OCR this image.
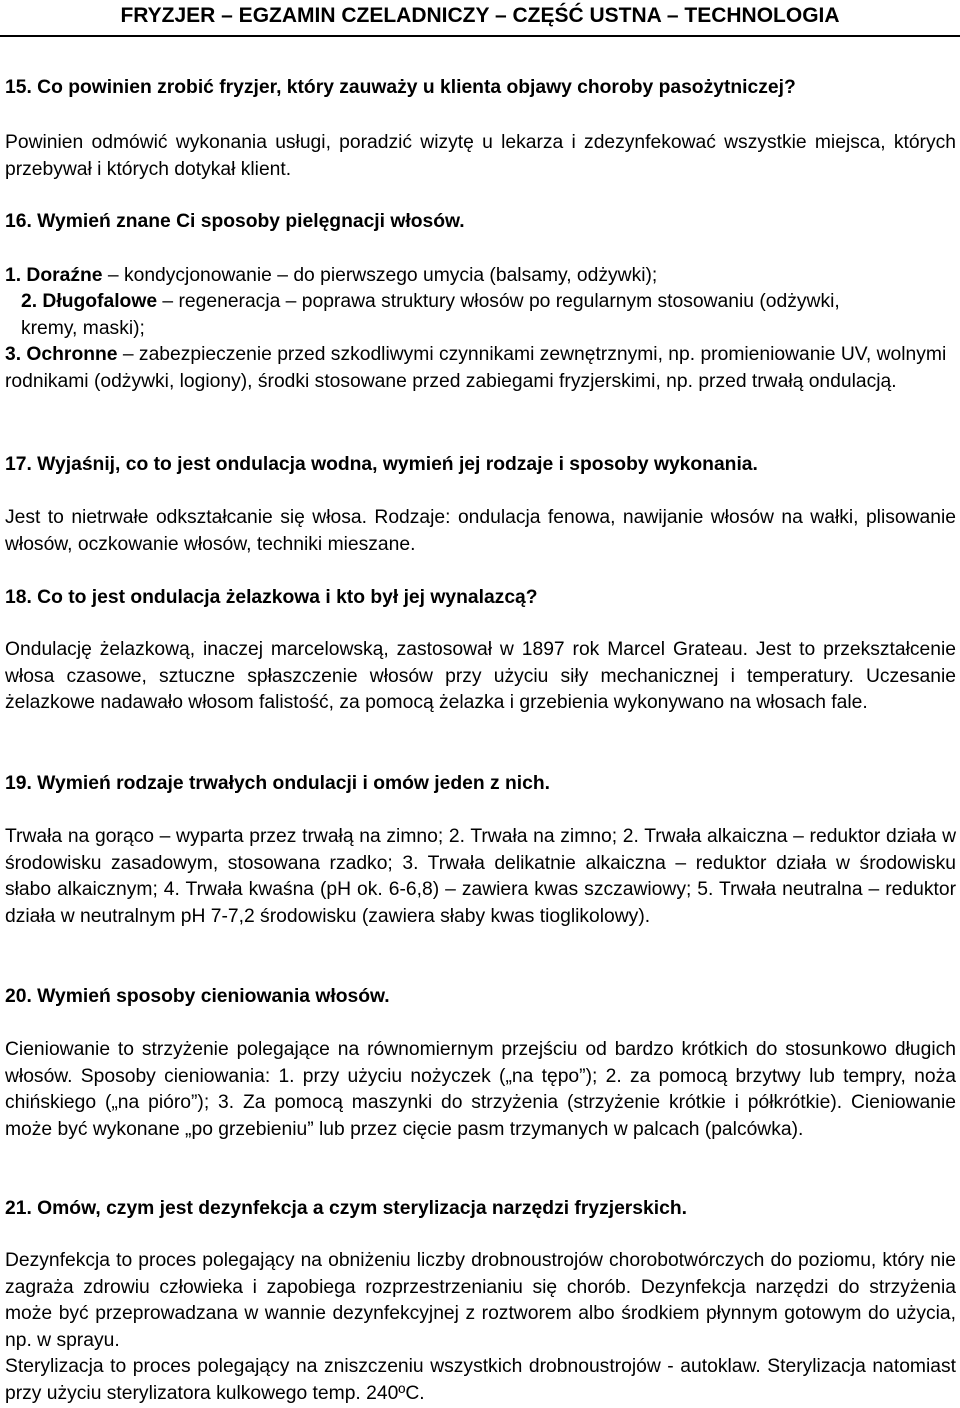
FRYZJER – EGZAMIN CZELADNICZY – CZĘŚĆ USTNA – TECHNOLOGIA

15. Co powinien zrobić fryzjer, który zauważy u klienta objawy choroby pasożytniczej?

Powinien odmówić wykonania usługi, poradzić wizytę u lekarza i zdezynfekować wszystkie miejsca, których przebywał i których dotykał klient.

16. Wymień znane Ci sposoby pielęgnacji włosów.

1. Doraźne – kondycjonowanie – do pierwszego umycia (balsamy, odżywki);

2. Długofalowe – regeneracja – poprawa struktury włosów po regularnym stosowaniu (odżywki, kremy, maski);

3. Ochronne – zabezpieczenie przed szkodliwymi czynnikami zewnętrznymi, np. promieniowanie UV, wolnymi rodnikami (odżywki, logiony), środki stosowane przed zabiegami fryzjerskimi, np. przed trwałą ondulacją.

17. Wyjaśnij, co to jest ondulacja wodna, wymień jej rodzaje i sposoby wykonania.

Jest to nietrwałe odkształcanie się włosa. Rodzaje: ondulacja fenowa, nawijanie włosów na wałki, plisowanie włosów, oczkowanie włosów, techniki mieszane.

18. Co to jest ondulacja żelazkowa i kto był jej wynalazcą?

Ondulację żelazkową, inaczej marcelowską, zastosował w 1897 rok Marcel Grateau. Jest to przekształcenie włosa czasowe, sztuczne spłaszczenie włosów przy użyciu siły mechanicznej i temperatury. Uczesanie żelazkowe nadawało włosom falistość, za pomocą żelazka i grzebienia wykonywano na włosach fale.

19. Wymień rodzaje trwałych ondulacji i omów jeden z nich.

Trwała na gorąco – wyparta przez trwałą na zimno; 2. Trwała na zimno; 2. Trwała alkaiczna – reduktor działa w środowisku zasadowym, stosowana rzadko; 3. Trwała delikatnie alkaiczna – reduktor działa w środowisku słabo alkaicznym; 4. Trwała kwaśna (pH ok. 6-6,8) – zawiera kwas szczawiowy; 5. Trwała neutralna – reduktor działa w neutralnym pH 7-7,2 środowisku (zawiera słaby kwas tioglikolowy).

20. Wymień sposoby cieniowania włosów.

Cieniowanie to strzyżenie polegające na równomiernym przejściu od bardzo krótkich do stosunkowo długich włosów. Sposoby cieniowania: 1. przy użyciu nożyczek („na tępo”); 2. za pomocą brzytwy lub tempry, noża chińskiego („na pióro”); 3. Za pomocą maszynki do strzyżenia (strzyżenie krótkie i półkrótkie). Cieniowanie może być wykonane „po grzebieniu” lub przez cięcie pasm trzymanych w palcach (palcówka).

21. Omów, czym jest dezynfekcja a czym sterylizacja narzędzi fryzjerskich.

Dezynfekcja to proces polegający na obniżeniu liczby drobnoustrojów chorobotwórczych do poziomu, który nie zagraża zdrowiu człowieka i zapobiega rozprzestrzenianiu się chorób. Dezynfekcja narzędzi do strzyżenia może być przeprowadzana w wannie dezynfekcyjnej z roztworem albo środkiem płynnym gotowym do użycia, np. w sprayu.

Sterylizacja to proces polegający na zniszczeniu wszystkich drobnoustrojów - autoklaw. Sterylizacja natomiast przy użyciu sterylizatora kulkowego temp. 240ºC.
